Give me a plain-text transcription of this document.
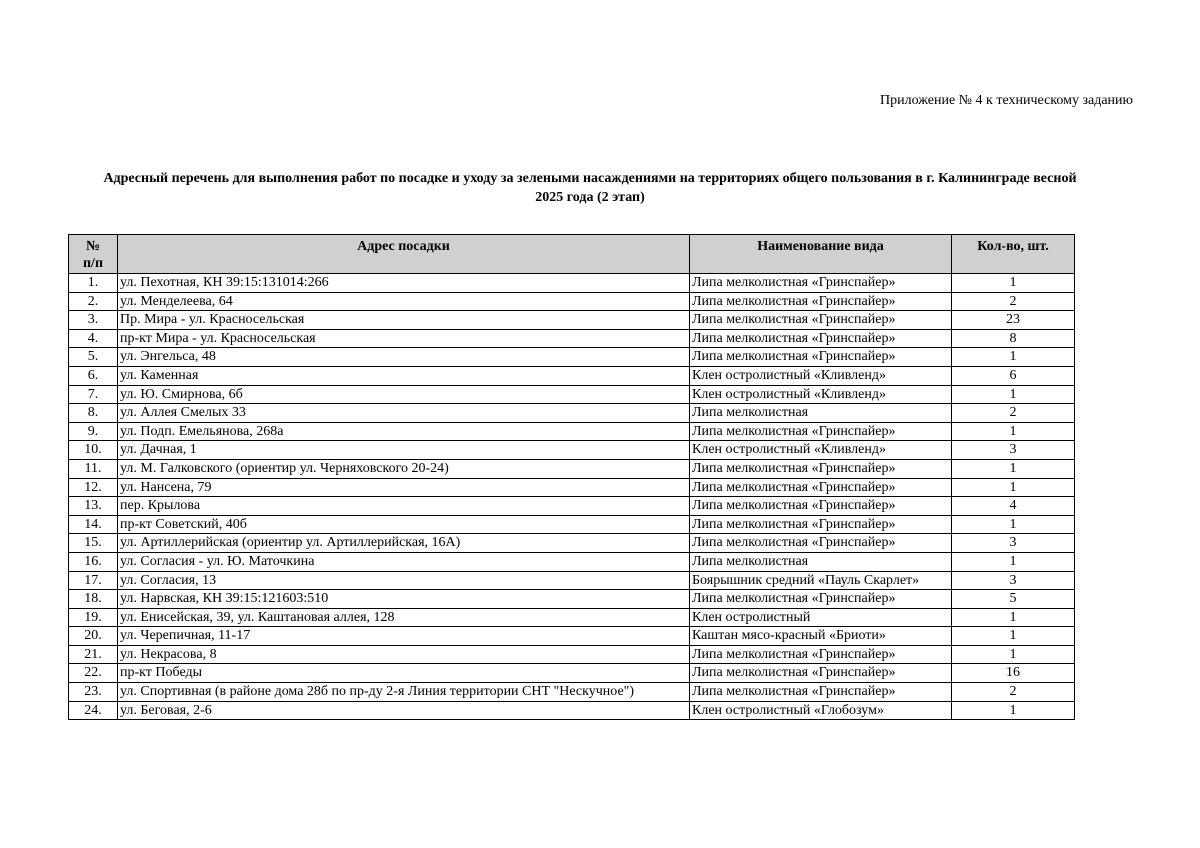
Приложение № 4 к техническому заданию
Адресный перечень для выполнения работ по посадке и уходу за зелеными насаждениями на территориях общего пользования в г. Калининграде весной
2025 года (2 этап)
№
п/п	Адрес посадки	Наименование вида	Кол-во, шт.
1.	ул. Пехотная, КН 39:15:131014:266	Липа мелколистная «Гринспайер»	1
2.	ул. Менделеева, 64	Липа мелколистная «Гринспайер»	2
3.	Пр. Мира - ул. Красносельская	Липа мелколистная «Гринспайер»	23
4.	пр-кт Мира - ул. Красносельская	Липа мелколистная «Гринспайер»	8
5.	ул. Энгельса, 48	Липа мелколистная «Гринспайер»	1
6.	ул. Каменная	Клен остролистный «Кливленд»	6
7.	ул. Ю. Смирнова, 6б	Клен остролистный «Кливленд»	1
8.	ул. Аллея Смелых 33	Липа мелколистная	2
9.	ул. Подп. Емельянова, 268а	Липа мелколистная «Гринспайер»	1
10.	ул. Дачная, 1	Клен остролистный «Кливленд»	3
11.	ул. М. Галковского (ориентир ул. Черняховского 20-24)	Липа мелколистная «Гринспайер»	1
12.	ул. Нансена, 79	Липа мелколистная «Гринспайер»	1
13.	пер. Крылова	Липа мелколистная «Гринспайер»	4
14.	пр-кт Советский, 40б	Липа мелколистная «Гринспайер»	1
15.	ул. Артиллерийская (ориентир ул. Артиллерийская, 16А)	Липа мелколистная «Гринспайер»	3
16.	ул. Согласия - ул. Ю. Маточкина	Липа мелколистная	1
17.	ул. Согласия, 13	Боярышник средний «Пауль Скарлет»	3
18.	ул. Нарвская, КН 39:15:121603:510	Липа мелколистная «Гринспайер»	5
19.	ул. Енисейская, 39, ул. Каштановая аллея, 128	Клен остролистный	1
20.	ул. Черепичная, 11-17	Каштан мясо-красный «Бриоти»	1
21.	ул. Некрасова, 8	Липа мелколистная «Гринспайер»	1
22.	пр-кт Победы	Липа мелколистная «Гринспайер»	16
23.	ул. Спортивная (в районе дома 28б по пр-ду 2-я Линия территории СНТ "Нескучное")	Липа мелколистная «Гринспайер»	2
24.	ул. Беговая, 2-6	Клен остролистный «Глобозум»	1
